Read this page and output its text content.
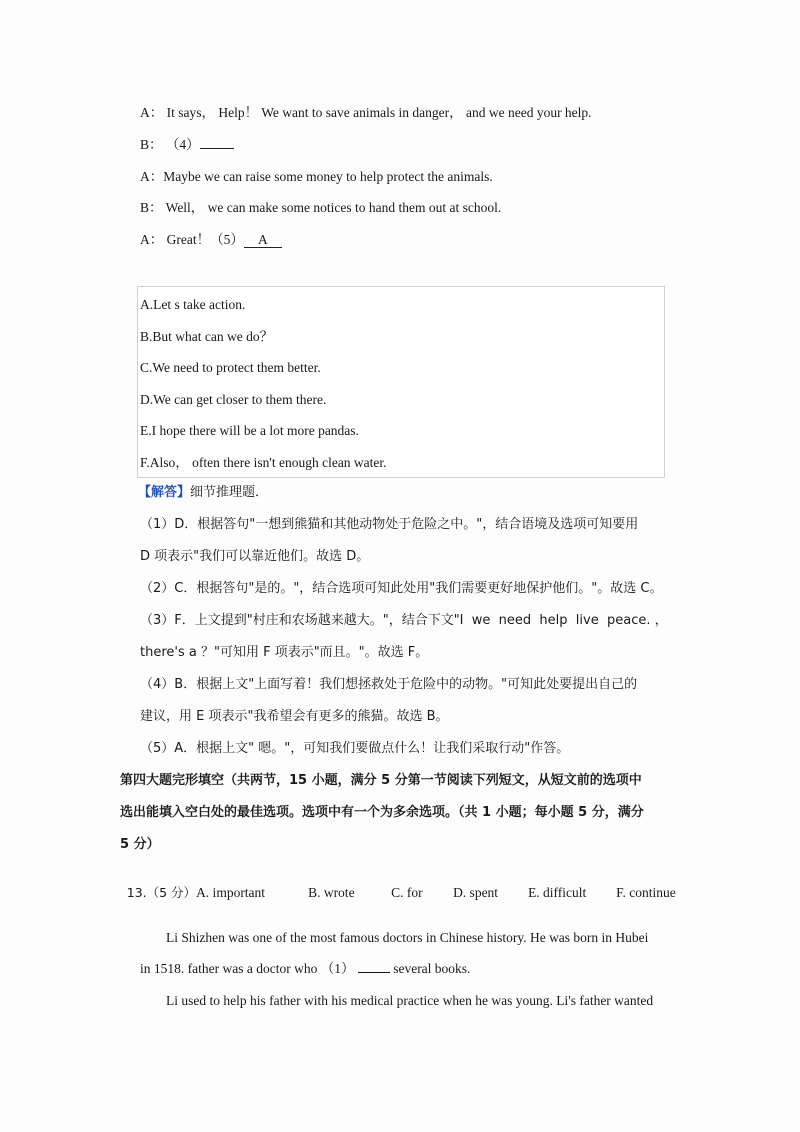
A： It says， Help！ We want to save animals in danger， and we need your help.

B： （4）

A：Maybe we can raise some money to help protect the animals.

B： Well， we can make some notices to hand them out at school.

A： Great！（5） A

A.Let s take action.

B.But what can we do？

C.We need to protect them better.

D.We can get closer to them there.

E.I hope there will be a lot more pandas.

F.Also， often there isn't enough clean water.

【解答】细节推理题．

（1）D．根据答句"一想到熊猫和其他动物处于危险之中。"，结合语境及选项可知要用

D 项表示"我们可以靠近他们。故选 D。

（2）C．根据答句"是的。"，结合选项可知此处用"我们需要更好地保护他们。"。故选 C。

（3）F．上文提到"村庄和农场越来越大。"，结合下文"I  we  need  help  live  peace. ，

there's a ？"可知用 F 项表示"而且。"。故选 F。

（4）B．根据上文"上面写着！我们想拯救处于危险中的动物。"可知此处要提出自己的

建议，用 E 项表示"我希望会有更多的熊猫。故选 B。

（5）A．根据上文" 嗯。"，可知我们要做点什么！让我们采取行动"作答。

第四大题完形填空（共两节，15 小题，满分 5 分第一节阅读下列短文，从短文前的选项中

选出能填入空白处的最佳选项。选项中有一个为多余选项。（共 1 小题；每小题 5 分，满分

5 分）

13.（5 分）A. important	B. wrote	C. for D. spent E. difficult F. continue

Li Shizhen was one of the most famous doctors in Chinese history. He was born in Hubei

in 1518. father was a doctor who （1）	several books.

Li used to help his father with his medical practice when he was young. Li's father wanted
